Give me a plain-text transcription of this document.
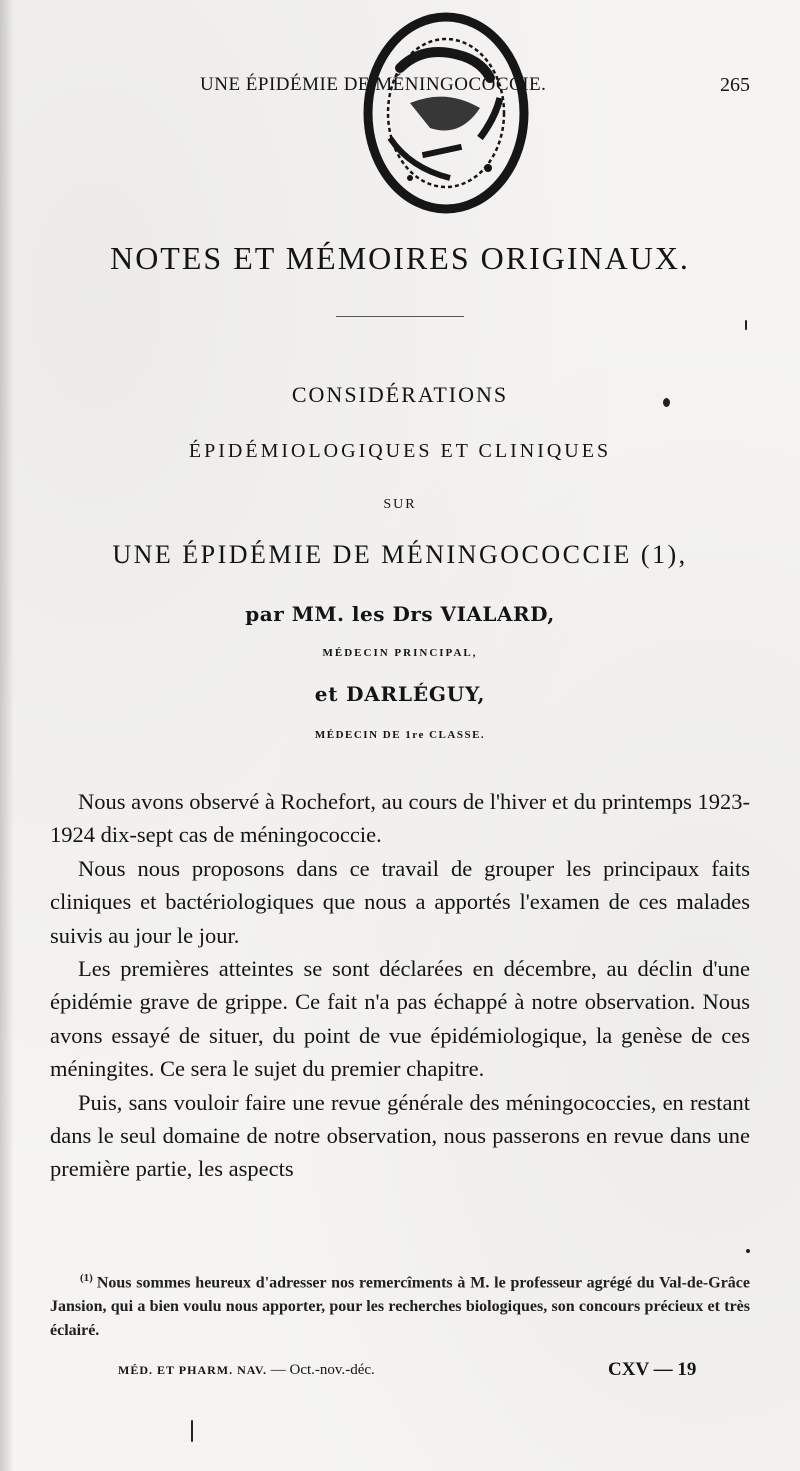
UNE ÉPIDÉMIE DE MÉNINGOCOCCIE.	265
NOTES ET MÉMOIRES ORIGINAUX.
CONSIDÉRATIONS
ÉPIDÉMIOLOGIQUES ET CLINIQUES
SUR
UNE ÉPIDÉMIE DE MÉNINGOCOCCIE (1),
par MM. les Drs VIALARD,
MÉDECIN PRINCIPAL,
et DARLÉGUY,
MÉDECIN DE 1re CLASSE.

Nous avons observé à Rochefort, au cours de l'hiver et du printemps 1923-1924 dix-sept cas de méningococcie.

Nous nous proposons dans ce travail de grouper les principaux faits cliniques et bactériologiques que nous a apportés l'examen de ces malades suivis au jour le jour.

Les premières atteintes se sont déclarées en décembre, au déclin d'une épidémie grave de grippe. Ce fait n'a pas échappé à notre observation. Nous avons essayé de situer, du point de vue épidémiologique, la genèse de ces méningites. Ce sera le sujet du premier chapitre.

Puis, sans vouloir faire une revue générale des méningococcies, en restant dans le seul domaine de notre observation, nous passerons en revue dans une première partie, les aspects

$^{(1)}$ Nous sommes heureux d'adresser nos remercîments à M. le professeur agrégé du Val-de-Grâce Jansion, qui a bien voulu nous apporter, pour les recherches biologiques, son concours précieux et très éclairé.
MÉD. ET PHARM. NAV. — Oct.-nov.-déc.	CXV — 19
